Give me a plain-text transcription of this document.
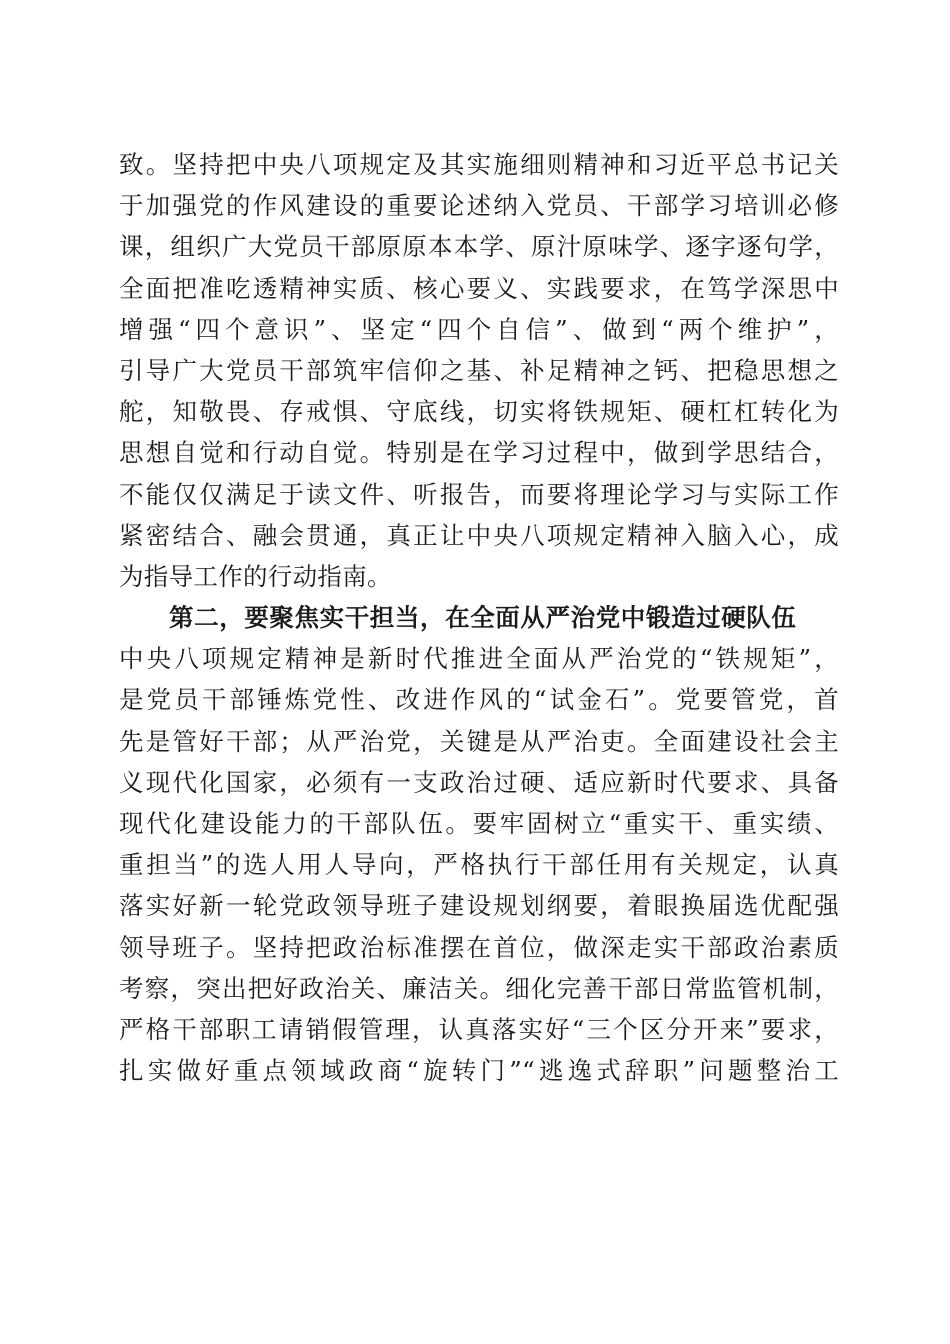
致。坚持把中央八项规定及其实施细则精神和习近平总书记关
于加强党的作风建设的重要论述纳入党员、干部学习培训必修
课，组织广大党员干部原原本本学、原汁原味学、逐字逐句学，
全面把准吃透精神实质、核心要义、实践要求，在笃学深思中
增强“四个意识”、坚定“四个自信”、做到“两个维护”，
引导广大党员干部筑牢信仰之基、补足精神之钙、把稳思想之
舵，知敬畏、存戒惧、守底线，切实将铁规矩、硬杠杠转化为
思想自觉和行动自觉。特别是在学习过程中，做到学思结合，
不能仅仅满足于读文件、听报告，而要将理论学习与实际工作
紧密结合、融会贯通，真正让中央八项规定精神入脑入心，成
为指导工作的行动指南。
第二，要聚焦实干担当，在全面从严治党中锻造过硬队伍
中央八项规定精神是新时代推进全面从严治党的“铁规矩”，
是党员干部锤炼党性、改进作风的“试金石”。党要管党，首
先是管好干部；从严治党，关键是从严治吏。全面建设社会主
义现代化国家，必须有一支政治过硬、适应新时代要求、具备
现代化建设能力的干部队伍。要牢固树立“重实干、重实绩、
重担当”的选人用人导向，严格执行干部任用有关规定，认真
落实好新一轮党政领导班子建设规划纲要，着眼换届选优配强
领导班子。坚持把政治标准摆在首位，做深走实干部政治素质
考察，突出把好政治关、廉洁关。细化完善干部日常监管机制，
严格干部职工请销假管理，认真落实好“三个区分开来”要求，
扎实做好重点领域政商“旋转门”“逃逸式辞职”问题整治工
